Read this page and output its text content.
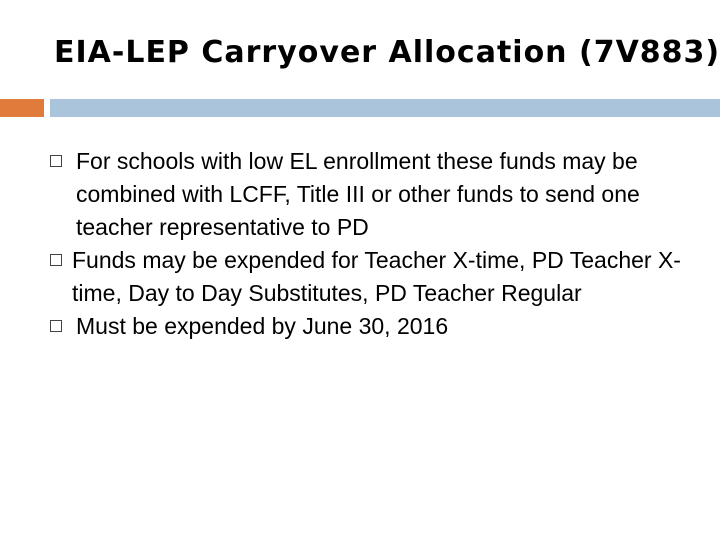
EIA-LEP Carryover Allocation (7V883)
For schools with low EL enrollment these funds may be combined with LCFF, Title III or other funds to send one teacher representative to PD
Funds may be expended for Teacher X-time, PD Teacher X-time, Day to Day Substitutes, PD Teacher Regular
Must be expended by June 30, 2016
